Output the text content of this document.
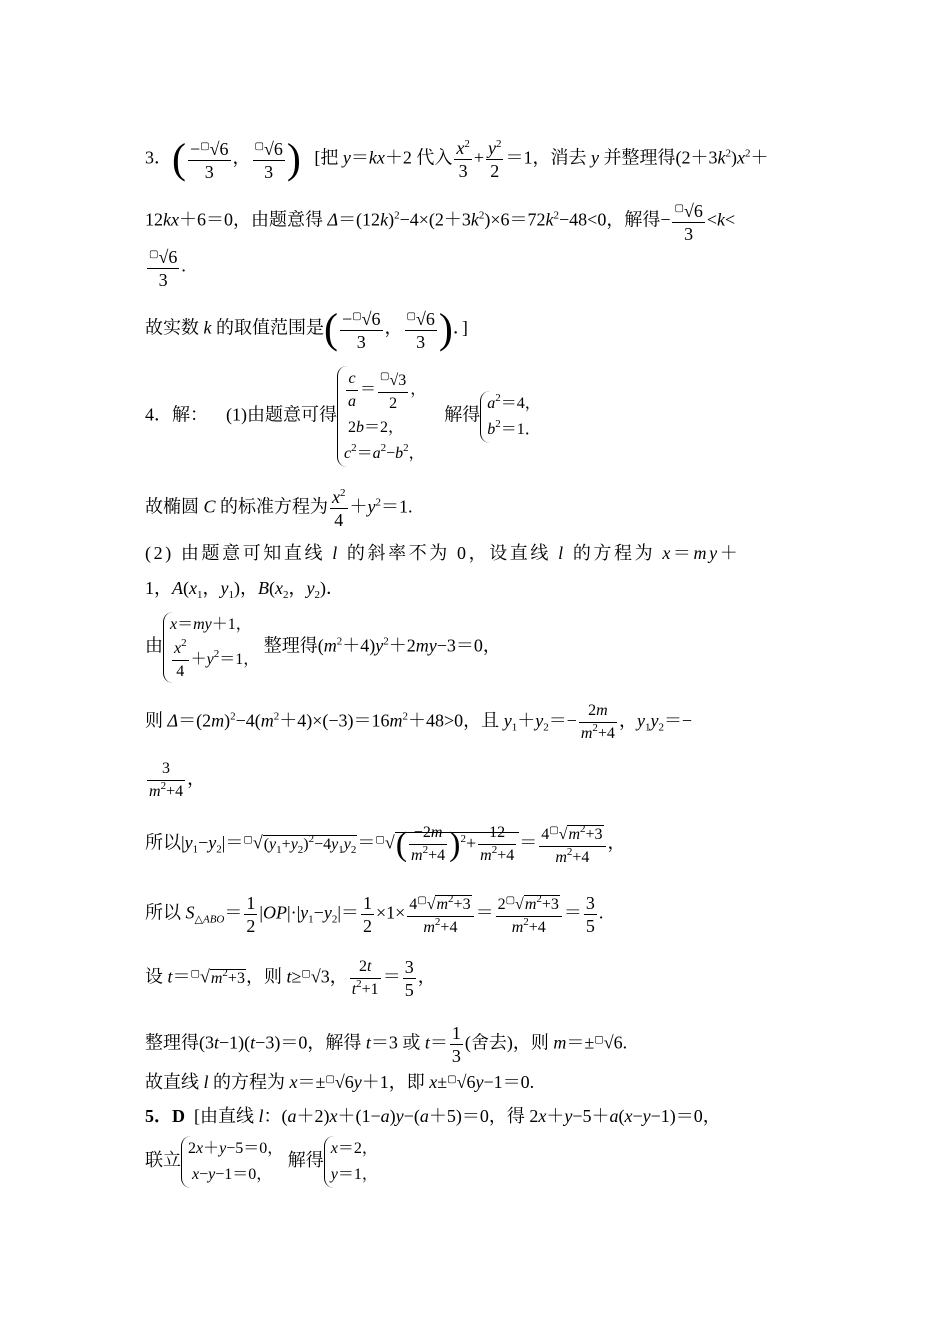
3．( $\frac{-^▢√6}{3}$ ， $\frac{^▢√6}{3}$ )   [把 y＝kx＋2 代入 $\frac{x^2}{3} + \frac{y^2}{2} =1$，消去 y 并整理得$(2+3k^2)x^2+$
12kx＋6＝0，由题意得 $\Delta=(12k)^2-4\times(2+3k^2)\times 6=72k^2-48<0$，解得− $\frac{^▢√6}{3} <k<$
$\frac{^▢√6}{3}$ .
故实数 k 的取值范围是( $\frac{-^▢√6}{3}$ ， $\frac{^▢√6}{3}$ )．]
4．解：    (1)由题意可得
$\frac{c}{a} = \frac{^▢√3}{2}$ ，
2b＝2，
$c^2=a^2-b^2$，
解得
$a^2=4$，
$b^2=1$．
故椭圆 C 的标准方程为 $\frac{x^2}{4} +y^2=1$.
(2) 由题意可知直线 l 的斜率不为 0，设直线 l 的方程为 x＝my＋
1，$A(x_1$，$y_1$)，$B(x_2$，$y_2$)．
由
x＝my＋1，
$\frac{x^2}{4} +y^2=1$，
整理得$(m^2+4)y^2+2my-3=0$，
则 $\Delta=(2m)^2-4(m^2+4)\times(-3)=16m^2+48>0$，且 $y_1+y_2=- \frac{2m}{m^2+4}$ ，$y_1y_2=-$
$\frac{3}{m^2+4}$ ，
所以$|y_1-y_2|=^▢√(y_1+y_2)^2-4y_1y_2=^▢√( \frac{-2m}{m^2+4} )^2+ \frac{12}{m^2+4} = \frac{4^▢√m^2+3}{m^2+4}$ ，
所以 $S_{\triangle ABO}= \frac{1}{2} |OP|\cdot|y_1-y_2|= \frac{1}{2} \times 1\times \frac{4^▢√m^2+3}{m^2+4} = \frac{2^▢√m^2+3}{m^2+4} = \frac{3}{5}$ .
设 $t=^▢√m^2+3$，则 t≥▢√3， $\frac{2t}{t^2+1} = \frac{3}{5}$ ，
整理得(3t−1)(t−3)＝0，解得 t＝3 或 $t= \frac{1}{3}$ (舍去)，则 m＝±▢√6.
故直线 l 的方程为 x＝±▢√6y＋1，即 x±▢√6y−1＝0.
5．D  [由直线 l：(a＋2)x＋(1−a)y−(a＋5)＝0，得 2x＋y−5＋a(x−y−1)＝0，
联立
2x＋y−5＝0，
x−y−1＝0，
解得
x＝2，
y＝1，
